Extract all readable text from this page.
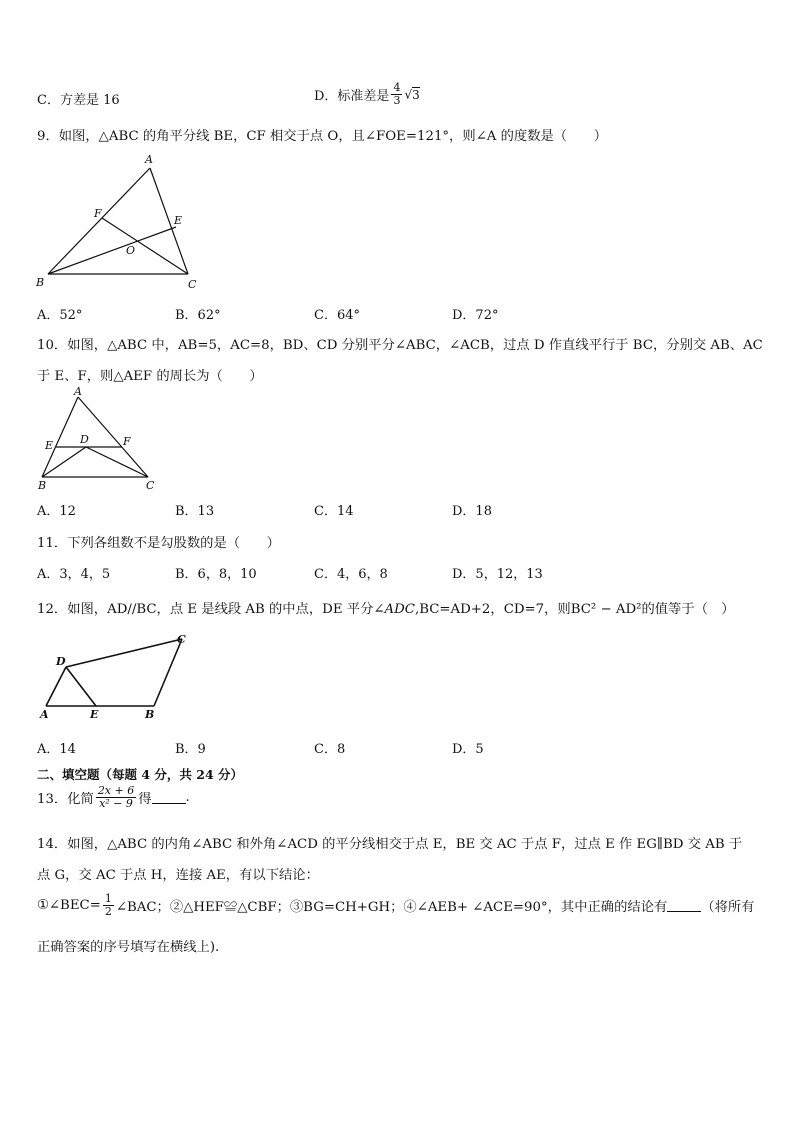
C．方差是 16	D．标准差是 $\frac{4}{3} √3$
9．如图，△ABC 的角平分线 BE，CF 相交于点 O，且∠FOE=121°，则∠A 的度数是（　　）
A
B	C
E
F
O
A．52°	B．62°	C．64°	D．72°
10．如图，△ABC 中，AB=5，AC=8，BD、CD 分别平分∠ABC，∠ACB，过点 D 作直线平行于 BC，分别交 AB、AC
于 E、F，则△AEF 的周长为（　　）
A
B	C
D
E	F
A．12	B．13	C．14	D．18
11．下列各组数不是勾股数的是（　　）
A．3，4，5	B．6，8，10	C．4，6，8	D．5，12，13
12．如图，AD//BC，点 E 是线段 AB 的中点，DE 平分∠ADC,BC=AD+2，CD=7，则BC² − AD²的值等于（　）
D
C
A	E	B
A．14	B．9	C．8	D．5
二、填空题（每题 4 分，共 24 分）
13．化简 $\frac{2x + 6}{\text{x² − 9}}$ 得	.
14．如图，△ABC 的内角∠ABC 和外角∠ACD 的平分线相交于点 E，BE 交 AC 于点 F，过点 E 作 EG∥BD 交 AB 于
点 G，交 AC 于点 H，连接 AE，有以下结论：
①∠BEC= $\frac{1}{2}$ ∠BAC；②△HEF≌△CBF；③BG=CH+GH；④∠AEB+ ∠ACE=90°，其中正确的结论有	（将所有
正确答案的序号填写在横线上).
